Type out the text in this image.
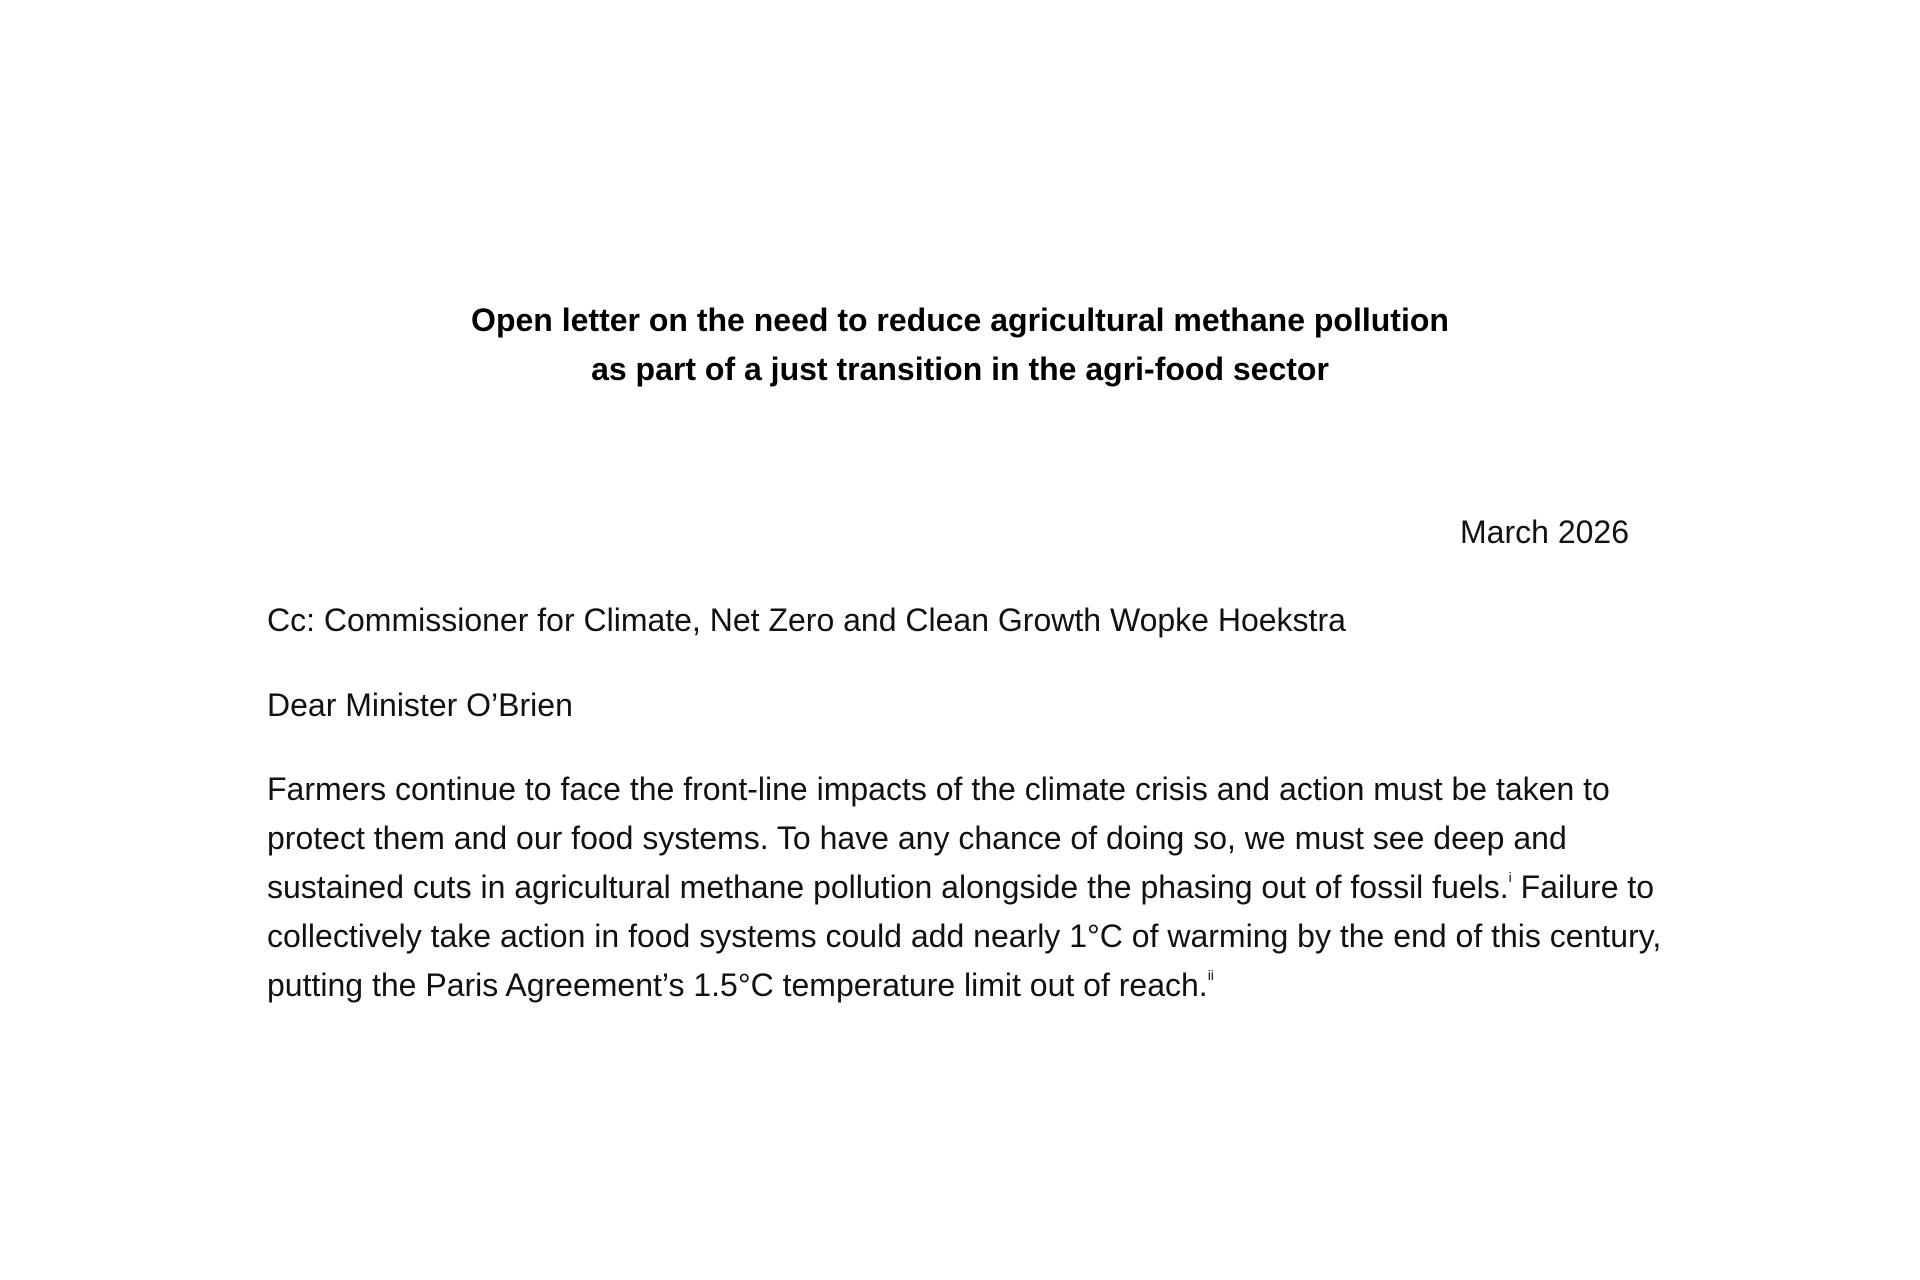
Open letter on the need to reduce agricultural methane pollution
as part of a just transition in the agri-food sector
March 2026
Cc: Commissioner for Climate, Net Zero and Clean Growth Wopke Hoekstra
Dear Minister O’Brien

Farmers continue to face the front-line impacts of the climate crisis and action must be taken to protect them and our food systems. To have any chance of doing so, we must see deep and sustained cuts in agricultural methane pollution alongside the phasing out of fossil fuels.$^i$ Failure to collectively take action in food systems could add nearly 1°C of warming by the end of this century, putting the Paris Agreement’s 1.5°C temperature limit out of reach.$^{ii}$
